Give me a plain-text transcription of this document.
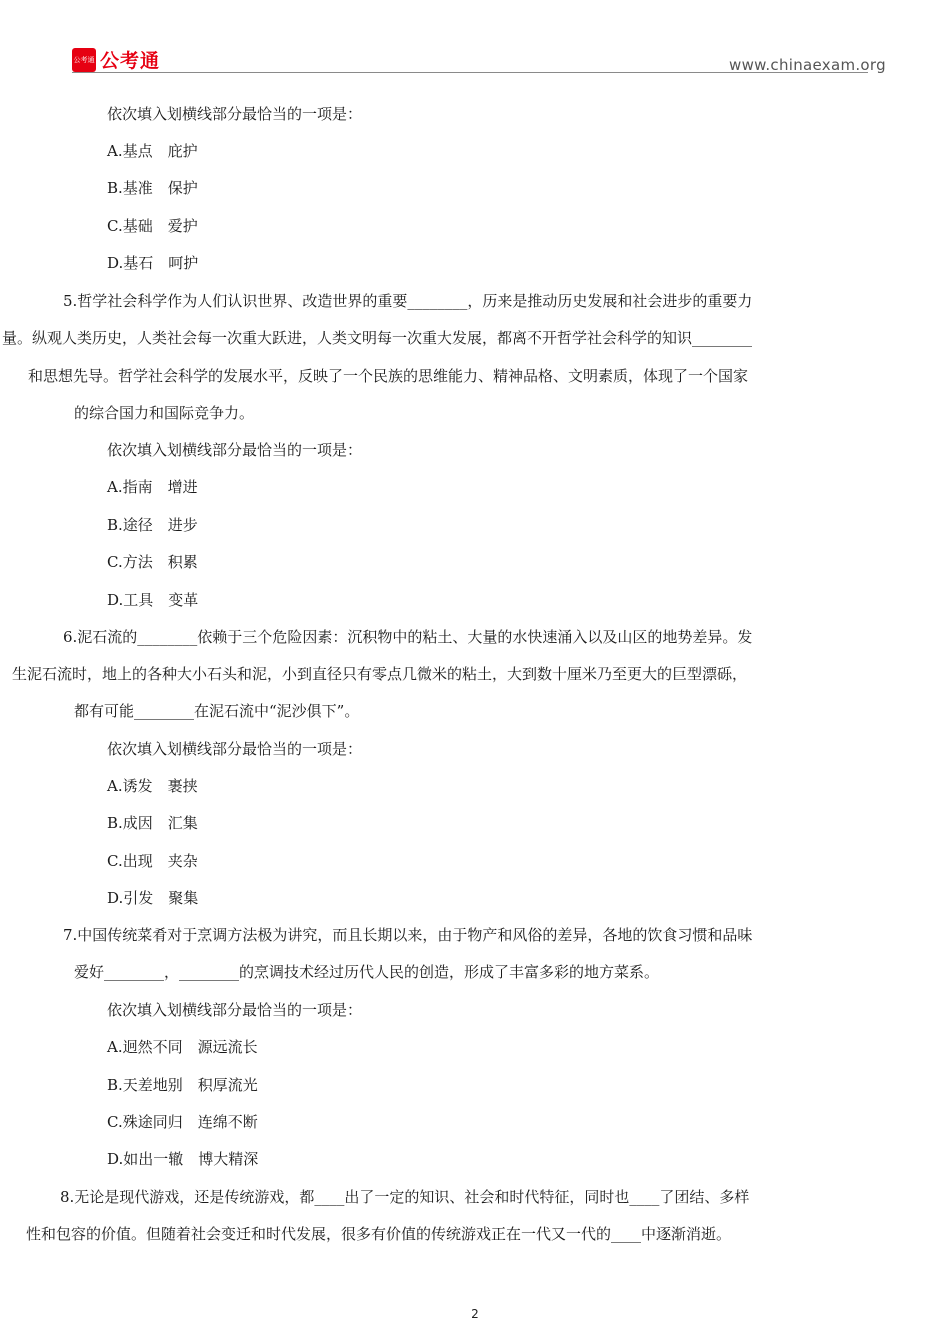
公考通 公考通	www.chinaexam.org
依次填入划横线部分最恰当的一项是：
A.基点　庇护
B.基准　保护
C.基础　爱护
D.基石　呵护
5.哲学社会科学作为人们认识世界、改造世界的重要________，历来是推动历史发展和社会进步的重要力
量。纵观人类历史，人类社会每一次重大跃进，人类文明每一次重大发展，都离不开哲学社会科学的知识________
和思想先导。哲学社会科学的发展水平，反映了一个民族的思维能力、精神品格、文明素质，体现了一个国家
的综合国力和国际竞争力。
依次填入划横线部分最恰当的一项是：
A.指南　增进
B.途径　进步
C.方法　积累
D.工具　变革
6.泥石流的________依赖于三个危险因素：沉积物中的粘土、大量的水快速涌入以及山区的地势差异。发
生泥石流时，地上的各种大小石头和泥，小到直径只有零点几微米的粘土，大到数十厘米乃至更大的巨型漂砾，
都有可能________在泥石流中“泥沙俱下”。
依次填入划横线部分最恰当的一项是：
A.诱发　裹挟
B.成因　汇集
C.出现　夹杂
D.引发　聚集
7.中国传统菜肴对于烹调方法极为讲究，而且长期以来，由于物产和风俗的差异，各地的饮食习惯和品味
爱好________，________的烹调技术经过历代人民的创造，形成了丰富多彩的地方菜系。
依次填入划横线部分最恰当的一项是：
A.迥然不同　源远流长
B.天差地别　积厚流光
C.殊途同归　连绵不断
D.如出一辙　博大精深
8.无论是现代游戏，还是传统游戏，都____出了一定的知识、社会和时代特征，同时也____了团结、多样
性和包容的价值。但随着社会变迁和时代发展，很多有价值的传统游戏正在一代又一代的____中逐渐消逝。
2
